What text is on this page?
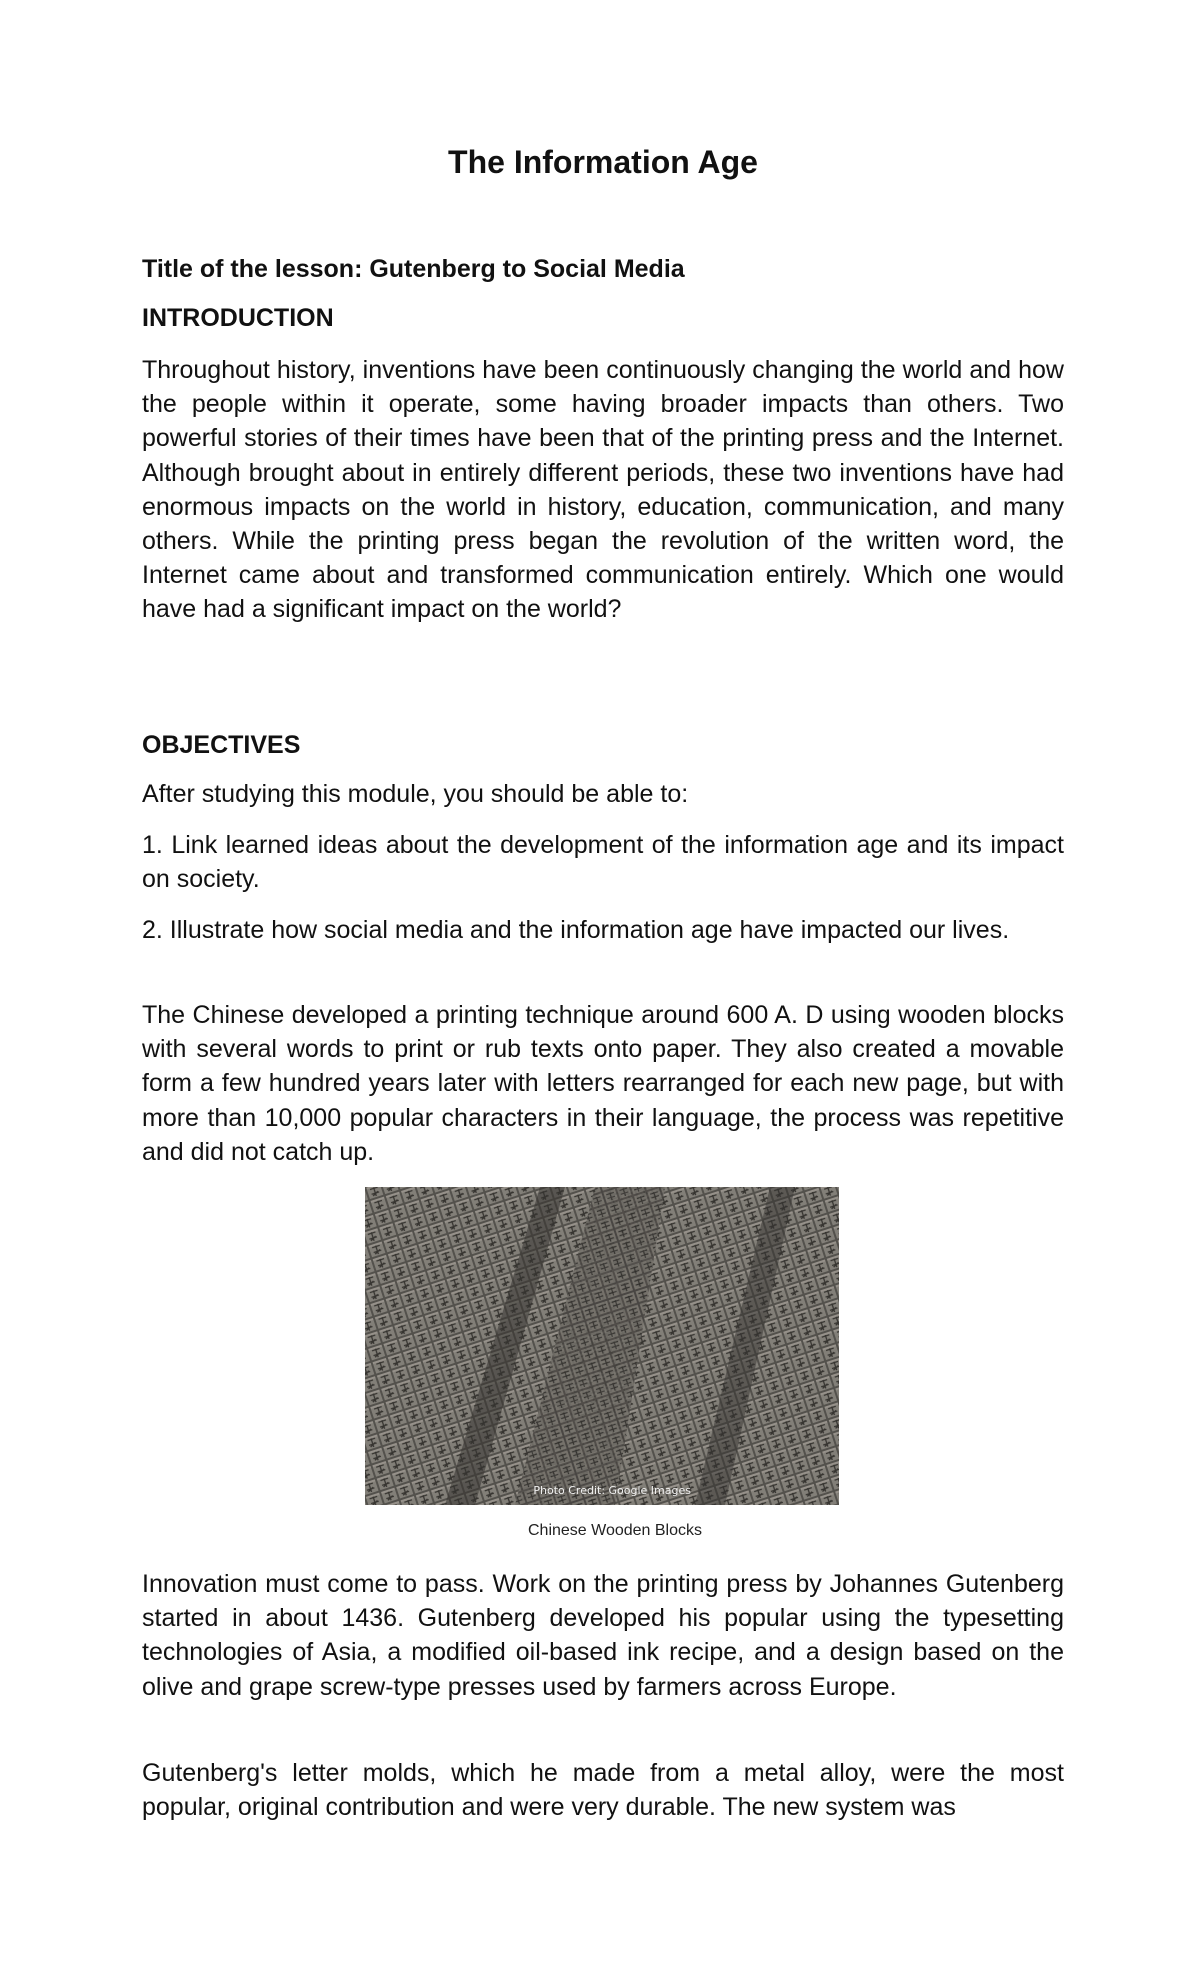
The Information Age
Title of the lesson: Gutenberg to Social Media
INTRODUCTION

Throughout history, inventions have been continuously changing the world and how the people within it operate, some having broader impacts than others. Two powerful stories of their times have been that of the printing press and the Internet. Although brought about in entirely different periods, these two inventions have had enormous impacts on the world in history, education, communication, and many others. While the printing press began the revolution of the written word, the Internet came about and transformed communication entirely. Which one would have had a significant impact on the world?

OBJECTIVES

After studying this module, you should be able to:

1. Link learned ideas about the development of the information age and its impact on society.

2. Illustrate how social media and the information age have impacted our lives.

The Chinese developed a printing technique around 600 A. D using wooden blocks with several words to print or rub texts onto paper. They also created a movable form a few hundred years later with letters rearranged for each new page, but with more than 10,000 popular characters in their language, the process was repetitive and did not catch up.

Photo Credit: Google Images
Chinese Wooden Blocks

Innovation must come to pass. Work on the printing press by Johannes Gutenberg started in about 1436. Gutenberg developed his popular using the typesetting technologies of Asia, a modified oil-based ink recipe, and a design based on the olive and grape screw-type presses used by farmers across Europe.

Gutenberg's letter molds, which he made from a metal alloy, were the most popular, original contribution and were very durable. The new system was
